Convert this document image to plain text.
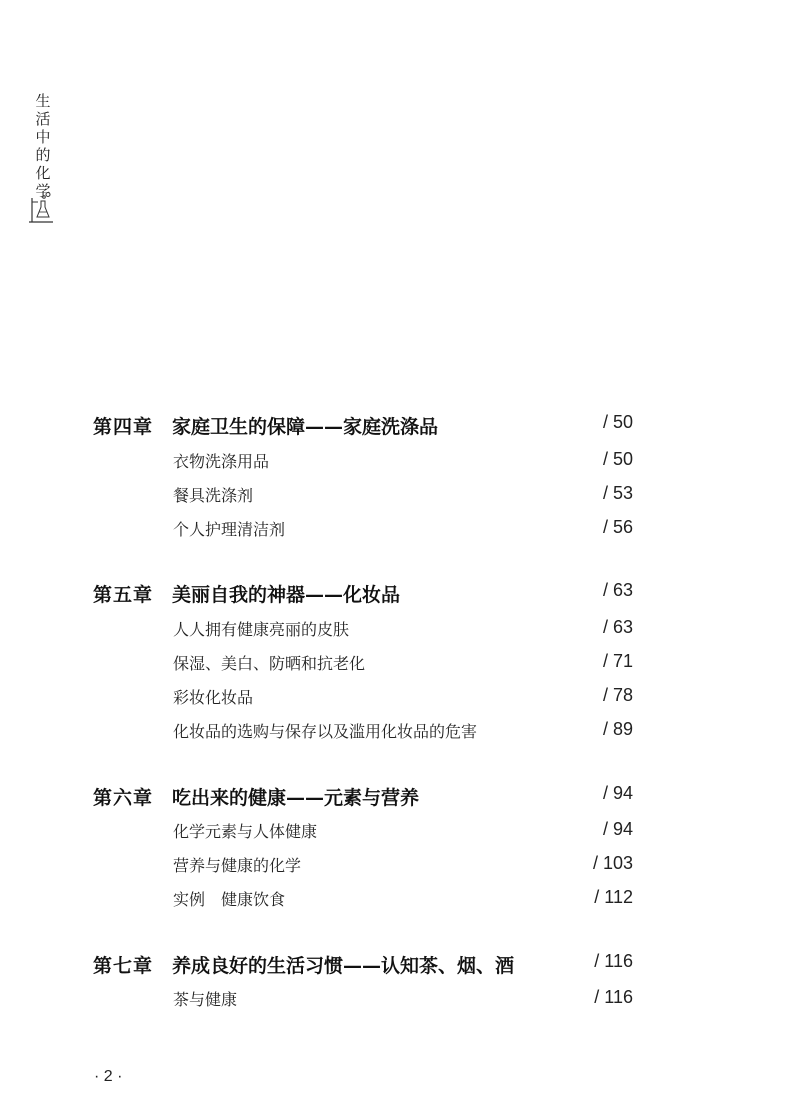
生
活
中
的
化
学
第四章 家庭卫生的保障——家庭洗涤品	/ 50
衣物洗涤用品	/ 50
餐具洗涤剂	/ 53
个人护理清洁剂	/ 56
第五章 美丽自我的神器——化妆品	/ 63
人人拥有健康亮丽的皮肤	/ 63
保湿、美白、防晒和抗老化	/ 71
彩妆化妆品	/ 78
化妆品的选购与保存以及滥用化妆品的危害	/ 89
第六章 吃出来的健康——元素与营养	/ 94
化学元素与人体健康	/ 94
营养与健康的化学	/ 103
实例　健康饮食	/ 112
第七章 养成良好的生活习惯——认知茶、烟、酒	/ 116
茶与健康	/ 116
· 2 ·
